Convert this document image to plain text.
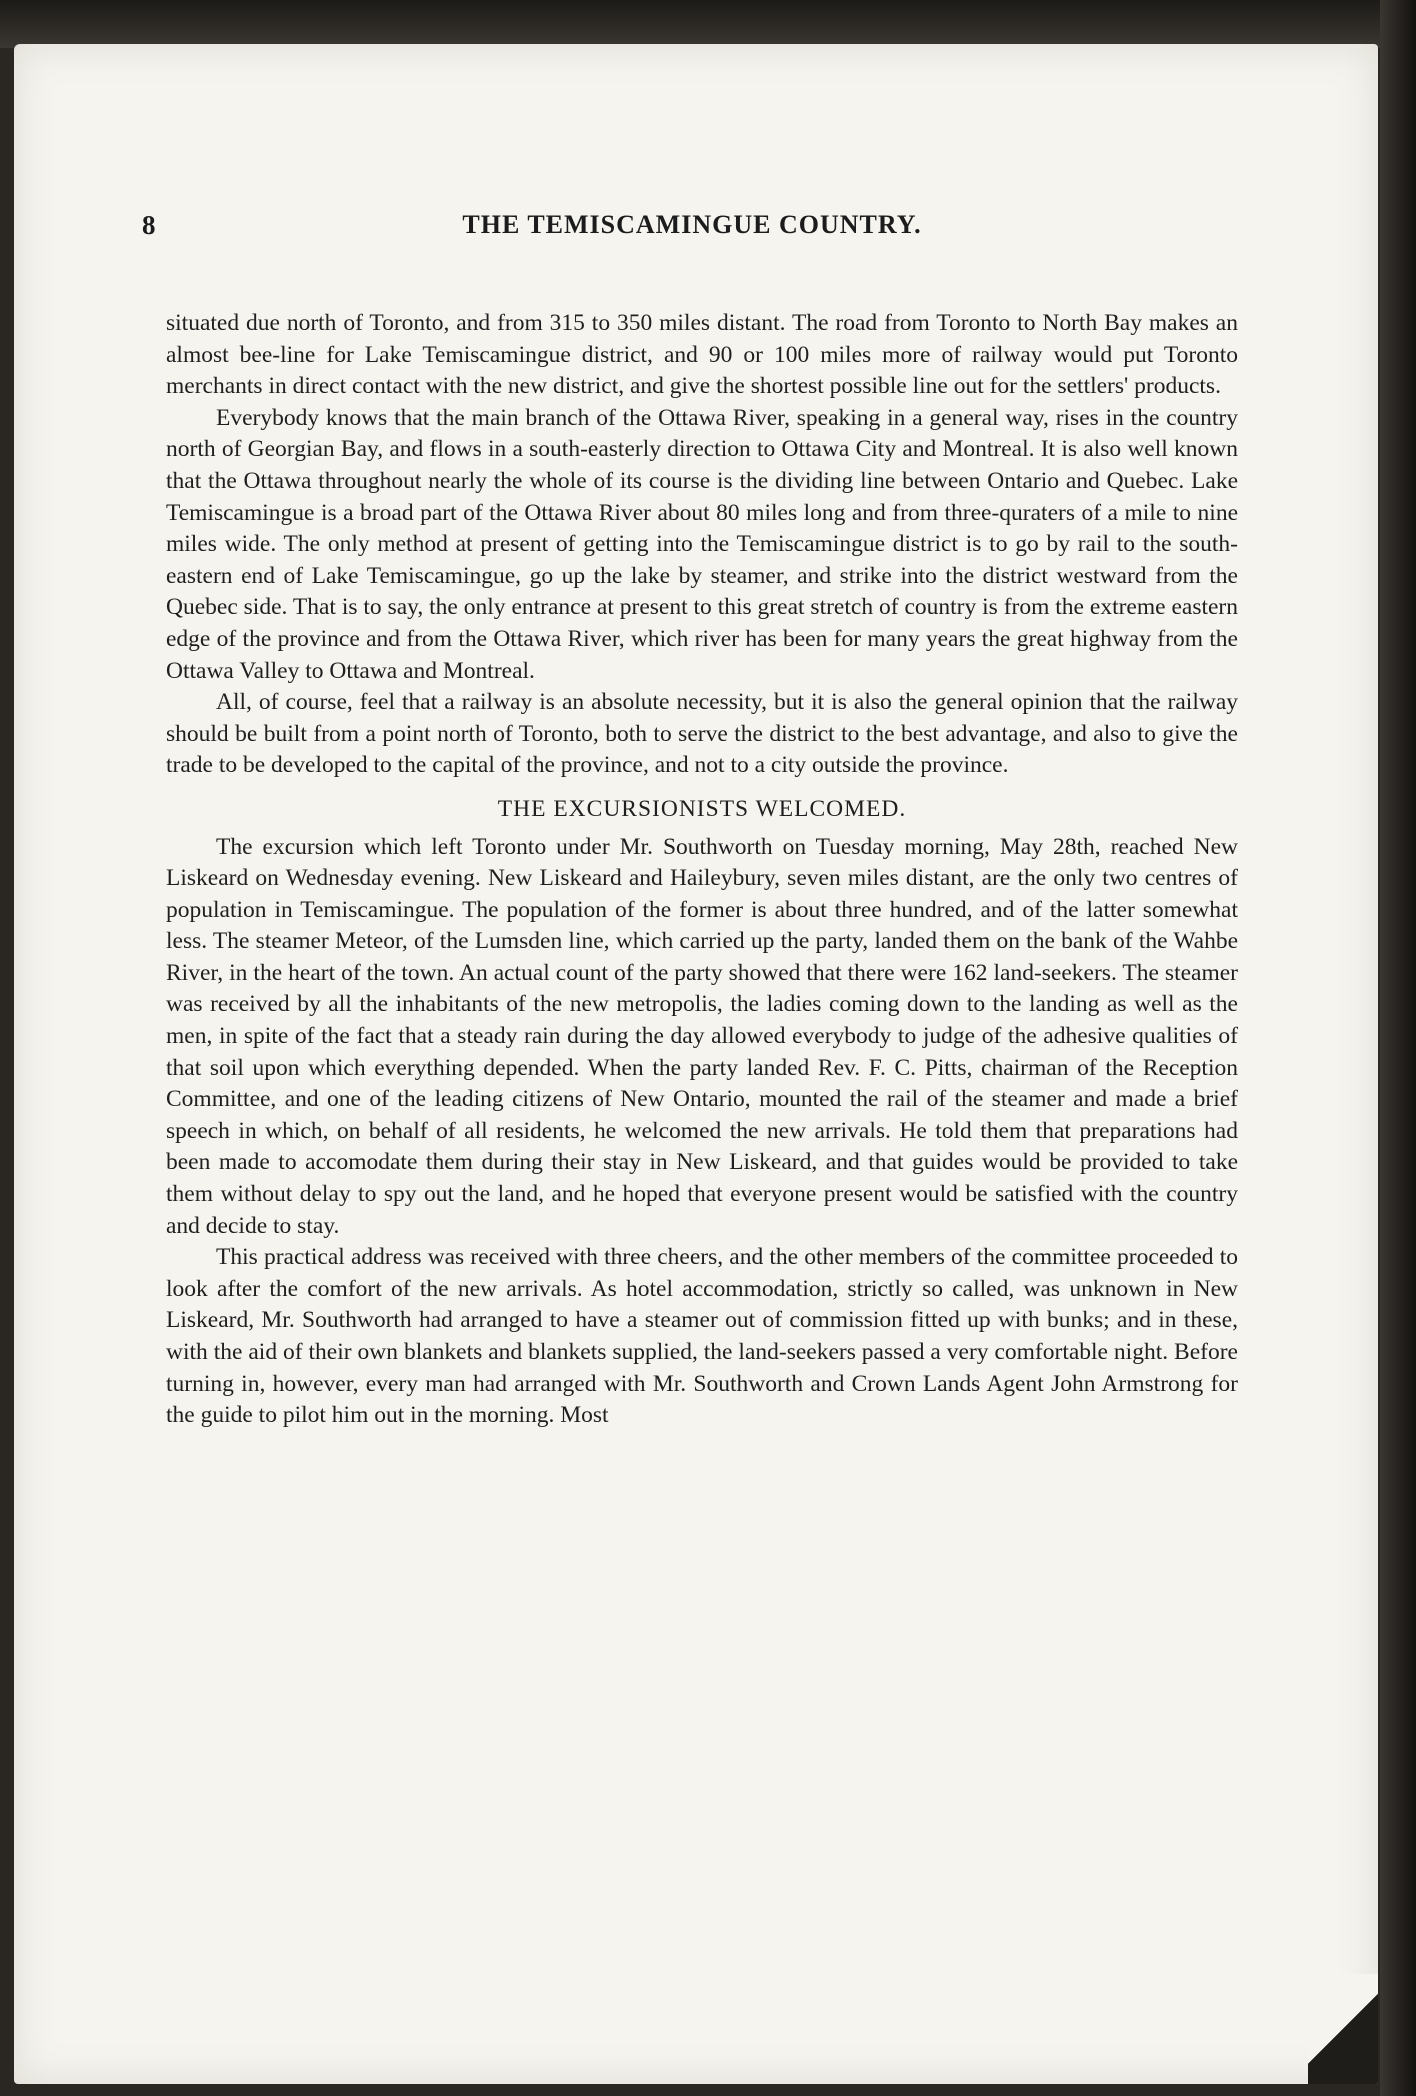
8	THE TEMISCAMINGUE COUNTRY.

situated due north of Toronto, and from 315 to 350 miles distant. The road from Toronto to North Bay makes an almost bee-line for Lake Temiscamingue district, and 90 or 100 miles more of railway would put Toronto merchants in direct contact with the new district, and give the shortest possible line out for the settlers' products.

Everybody knows that the main branch of the Ottawa River, speaking in a general way, rises in the country north of Georgian Bay, and flows in a south-easterly direction to Ottawa City and Montreal. It is also well known that the Ottawa throughout nearly the whole of its course is the dividing line between Ontario and Quebec. Lake Temiscamingue is a broad part of the Ottawa River about 80 miles long and from three-quraters of a mile to nine miles wide. The only method at present of getting into the Temiscamingue district is to go by rail to the south-eastern end of Lake Temiscamingue, go up the lake by steamer, and strike into the district westward from the Quebec side. That is to say, the only entrance at present to this great stretch of country is from the extreme eastern edge of the province and from the Ottawa River, which river has been for many years the great highway from the Ottawa Valley to Ottawa and Montreal.

All, of course, feel that a railway is an absolute necessity, but it is also the general opinion that the railway should be built from a point north of Toronto, both to serve the district to the best advantage, and also to give the trade to be developed to the capital of the province, and not to a city outside the province.

THE EXCURSIONISTS WELCOMED.

The excursion which left Toronto under Mr. Southworth on Tuesday morning, May 28th, reached New Liskeard on Wednesday evening. New Liskeard and Haileybury, seven miles distant, are the only two centres of population in Temiscamingue. The population of the former is about three hundred, and of the latter somewhat less. The steamer Meteor, of the Lumsden line, which carried up the party, landed them on the bank of the Wahbe River, in the heart of the town. An actual count of the party showed that there were 162 land-seekers. The steamer was received by all the inhabitants of the new metropolis, the ladies coming down to the landing as well as the men, in spite of the fact that a steady rain during the day allowed everybody to judge of the adhesive qualities of that soil upon which everything depended. When the party landed Rev. F. C. Pitts, chairman of the Reception Committee, and one of the leading citizens of New Ontario, mounted the rail of the steamer and made a brief speech in which, on behalf of all residents, he welcomed the new arrivals. He told them that preparations had been made to accomodate them during their stay in New Liskeard, and that guides would be provided to take them without delay to spy out the land, and he hoped that everyone present would be satisfied with the country and decide to stay.

This practical address was received with three cheers, and the other members of the committee proceeded to look after the comfort of the new arrivals. As hotel accommodation, strictly so called, was unknown in New Liskeard, Mr. Southworth had arranged to have a steamer out of commission fitted up with bunks; and in these, with the aid of their own blankets and blankets supplied, the land-seekers passed a very comfortable night. Before turning in, however, every man had arranged with Mr. Southworth and Crown Lands Agent John Armstrong for the guide to pilot him out in the morning. Most
